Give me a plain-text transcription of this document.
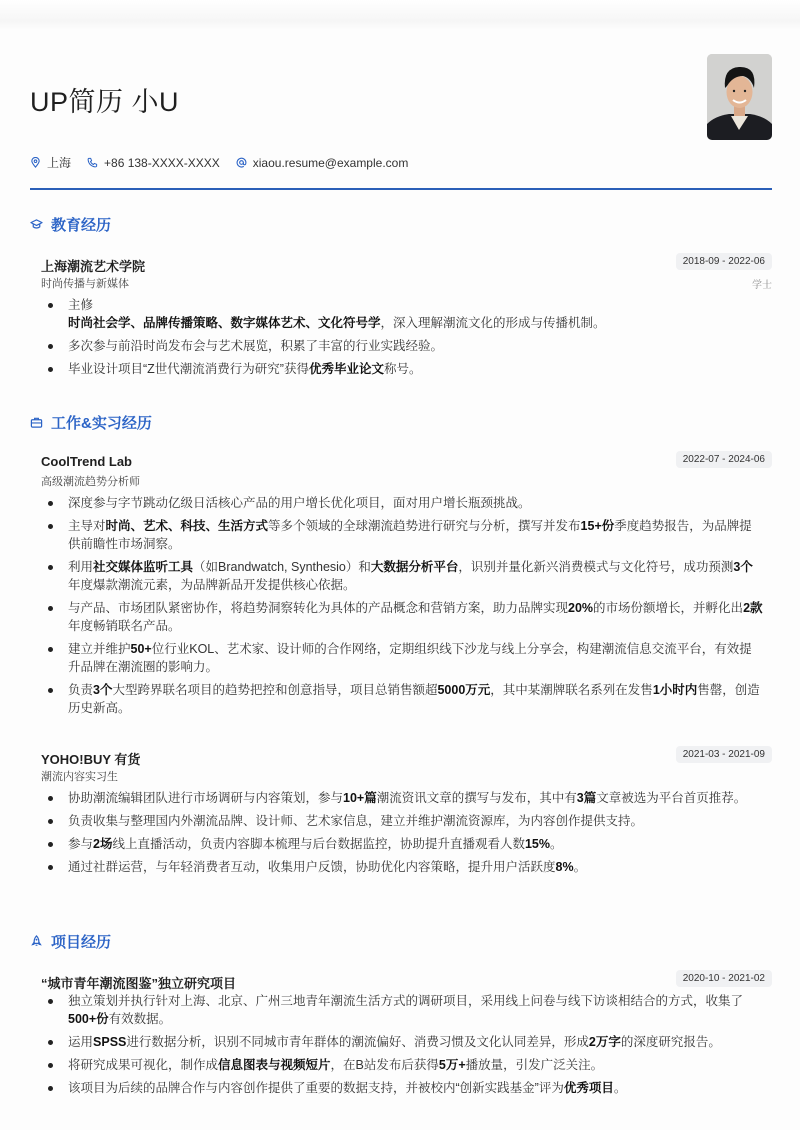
UP简历 小U
上海	+86 138-XXXX-XXXX	xiaou.resume@example.com
教育经历
上海潮流艺术学院	2018-09 - 2022-06
学士
时尚传播与新媒体
主修
时尚社会学、品牌传播策略、数字媒体艺术、文化符号学，深入理解潮流文化的形成与传播机制。
多次参与前沿时尚发布会与艺术展览，积累了丰富的行业实践经验。
毕业设计项目“Z世代潮流消费行为研究”获得优秀毕业论文称号。
工作&实习经历
CoolTrend Lab	2022-07 - 2024-06
高级潮流趋势分析师
深度参与字节跳动亿级日活核心产品的用户增长优化项目，面对用户增长瓶颈挑战。
主导对时尚、艺术、科技、生活方式等多个领域的全球潮流趋势进行研究与分析，撰写并发布15+份季度趋势报告，为品牌提供前瞻性市场洞察。
利用社交媒体监听工具（如Brandwatch, Synthesio）和大数据分析平台，识别并量化新兴消费模式与文化符号，成功预测3个年度爆款潮流元素，为品牌新品开发提供核心依据。
与产品、市场团队紧密协作，将趋势洞察转化为具体的产品概念和营销方案，助力品牌实现20%的市场份额增长，并孵化出2款年度畅销联名产品。
建立并维护50+位行业KOL、艺术家、设计师的合作网络，定期组织线下沙龙与线上分享会，构建潮流信息交流平台，有效提升品牌在潮流圈的影响力。
负责3个大型跨界联名项目的趋势把控和创意指导，项目总销售额超5000万元，其中某潮牌联名系列在发售1小时内售罄，创造历史新高。
YOHO!BUY 有货	2021-03 - 2021-09
潮流内容实习生
协助潮流编辑团队进行市场调研与内容策划，参与10+篇潮流资讯文章的撰写与发布，其中有3篇文章被选为平台首页推荐。
负责收集与整理国内外潮流品牌、设计师、艺术家信息，建立并维护潮流资源库，为内容创作提供支持。
参与2场线上直播活动，负责内容脚本梳理与后台数据监控，协助提升直播观看人数15%。
通过社群运营，与年轻消费者互动，收集用户反馈，协助优化内容策略，提升用户活跃度8%。
项目经历
“城市青年潮流图鉴”独立研究项目	2020-10 - 2021-02
独立策划并执行针对上海、北京、广州三地青年潮流生活方式的调研项目，采用线上问卷与线下访谈相结合的方式，收集了500+份有效数据。
运用SPSS进行数据分析，识别不同城市青年群体的潮流偏好、消费习惯及文化认同差异，形成2万字的深度研究报告。
将研究成果可视化，制作成信息图表与视频短片，在B站发布后获得5万+播放量，引发广泛关注。
该项目为后续的品牌合作与内容创作提供了重要的数据支持，并被校内“创新实践基金”评为优秀项目。
